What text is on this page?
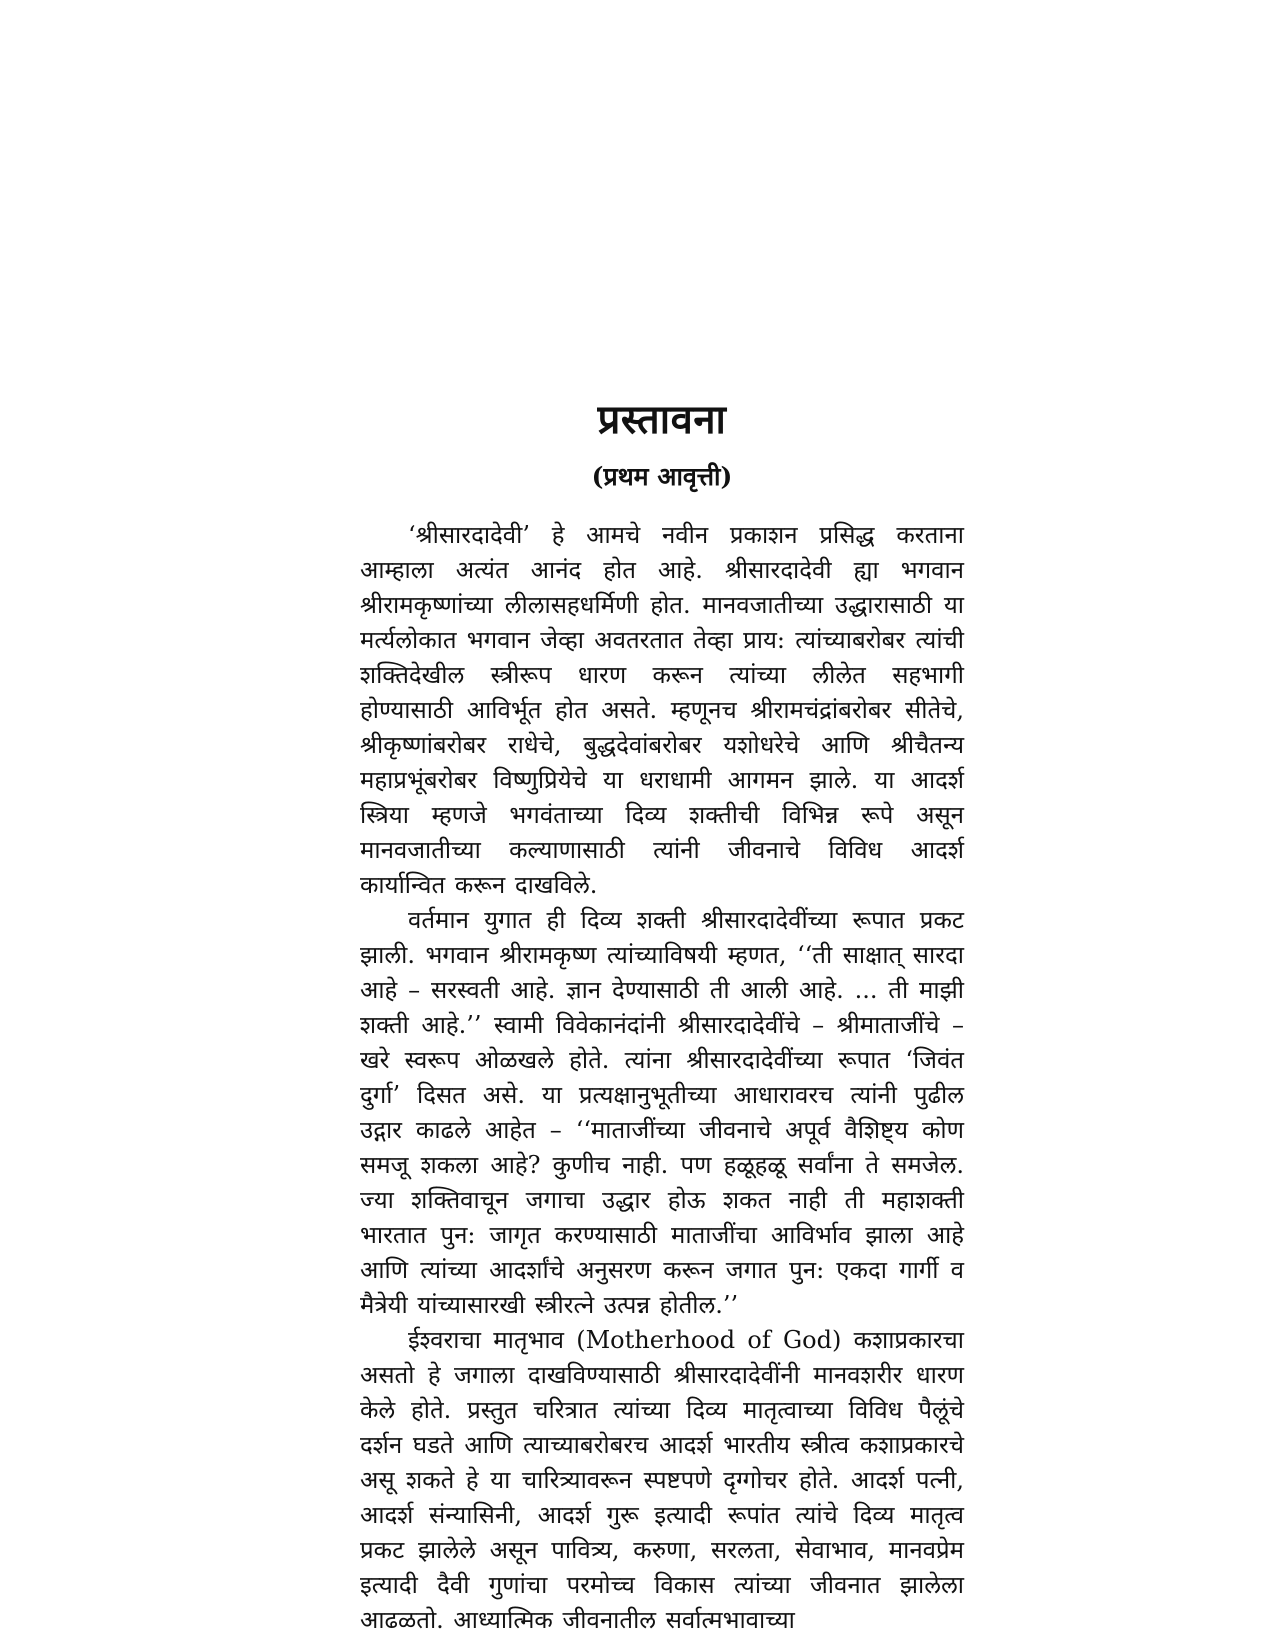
प्रस्तावना
(प्रथम आवृत्ती)

‘श्रीसारदादेवी’ हे आमचे नवीन प्रकाशन प्रसिद्ध करताना आम्हाला अत्यंत आनंद होत आहे. श्रीसारदादेवी ह्या भगवान श्रीरामकृष्णांच्या लीलासहधर्मिणी होत. मानवजातीच्या उद्धारासाठी या मर्त्यलोकात भगवान जेव्हा अवतरतात तेव्हा प्राय: त्यांच्याबरोबर त्यांची शक्तिदेखील स्त्रीरूप धारण करून त्यांच्या लीलेत सहभागी होण्यासाठी आविर्भूत होत असते. म्हणूनच श्रीरामचंद्रांबरोबर सीतेचे, श्रीकृष्णांबरोबर राधेचे, बुद्धदेवांबरोबर यशोधरेचे आणि श्रीचैतन्य महाप्रभूंबरोबर विष्णुप्रियेचे या धराधामी आगमन झाले. या आदर्श स्त्रिया म्हणजे भगवंताच्या दिव्य शक्तीची विभिन्न रूपे असून मानवजातीच्या कल्याणासाठी त्यांनी जीवनाचे विविध आदर्श कार्यान्वित करून दाखविले.

वर्तमान युगात ही दिव्य शक्ती श्रीसारदादेवींच्या रूपात प्रकट झाली. भगवान श्रीरामकृष्ण त्यांच्याविषयी म्हणत, ‘‘ती साक्षात् सारदा आहे – सरस्वती आहे. ज्ञान देण्यासाठी ती आली आहे. ... ती माझी शक्ती आहे.’’ स्वामी विवेकानंदांनी श्रीसारदादेवींचे – श्रीमाताजींचे – खरे स्वरूप ओळखले होते. त्यांना श्रीसारदादेवींच्या रूपात ‘जिवंत दुर्गा’ दिसत असे. या प्रत्यक्षानुभूतीच्या आधारावरच त्यांनी पुढील उद्गार काढले आहेत – ‘‘माताजींच्या जीवनाचे अपूर्व वैशिष्ट्य कोण समजू शकला आहे? कुणीच नाही. पण हळूहळू सर्वांना ते समजेल. ज्या शक्तिवाचून जगाचा उद्धार होऊ शकत नाही ती महाशक्ती भारतात पुन: जागृत करण्यासाठी माताजींचा आविर्भाव झाला आहे आणि त्यांच्या आदर्शांचे अनुसरण करून जगात पुन: एकदा गार्गी व मैत्रेयी यांच्यासारखी स्त्रीरत्ने उत्पन्न होतील.’’

ईश्वराचा मातृभाव (Motherhood of God) कशाप्रकारचा असतो हे जगाला दाखविण्यासाठी श्रीसारदादेवींनी मानवशरीर धारण केले होते. प्रस्तुत चरित्रात त्यांच्या दिव्य मातृत्वाच्या विविध पैलूंचे दर्शन घडते आणि त्याच्याबरोबरच आदर्श भारतीय स्त्रीत्व कशाप्रकारचे असू शकते हे या चारित्र्यावरून स्पष्टपणे दृग्गोचर होते. आदर्श पत्नी, आदर्श संन्यासिनी, आदर्श गुरू इत्यादी रूपांत त्यांचे दिव्य मातृत्व प्रकट झालेले असून पावित्र्य, करुणा, सरलता, सेवाभाव, मानवप्रेम इत्यादी दैवी गुणांचा परमोच्च विकास त्यांच्या जीवनात झालेला आढळतो. आध्यात्मिक जीवनातील सर्वात्मभावाच्या
